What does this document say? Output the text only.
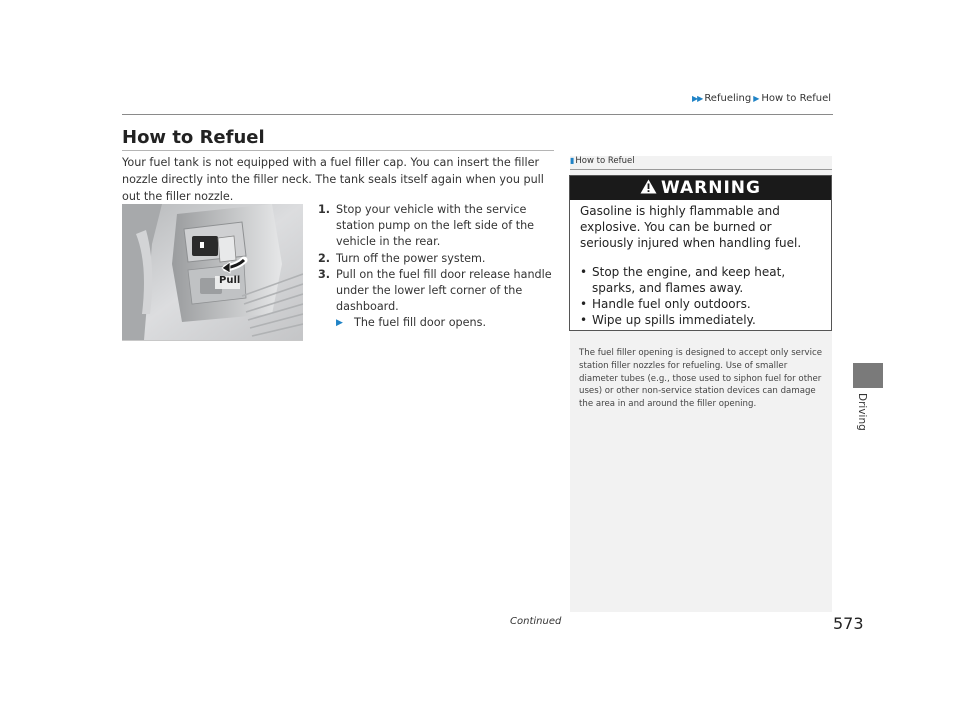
▶▶ Refueling ▶ How to Refuel
How to Refuel
Your fuel tank is not equipped with a fuel filler cap. You can insert the filler nozzle directly into the filler neck. The tank seals itself again when you pull out the filler nozzle.
Pull
1. Stop your vehicle with the service station pump on the left side of the vehicle in the rear.
2. Turn off the power system.
3. Pull on the fuel fill door release handle under the lower left corner of the dashboard.
▶ The fuel fill door opens.
▮How to Refuel
WARNING
Gasoline is highly flammable and explosive. You can be burned or seriously injured when handling fuel.
• Stop the engine, and keep heat, sparks, and flames away.
• Handle fuel only outdoors.
• Wipe up spills immediately.
The fuel filler opening is designed to accept only service station filler nozzles for refueling. Use of smaller diameter tubes (e.g., those used to siphon fuel for other uses) or other non-service station devices can damage the area in and around the filler opening.	Driving
Continued	573
